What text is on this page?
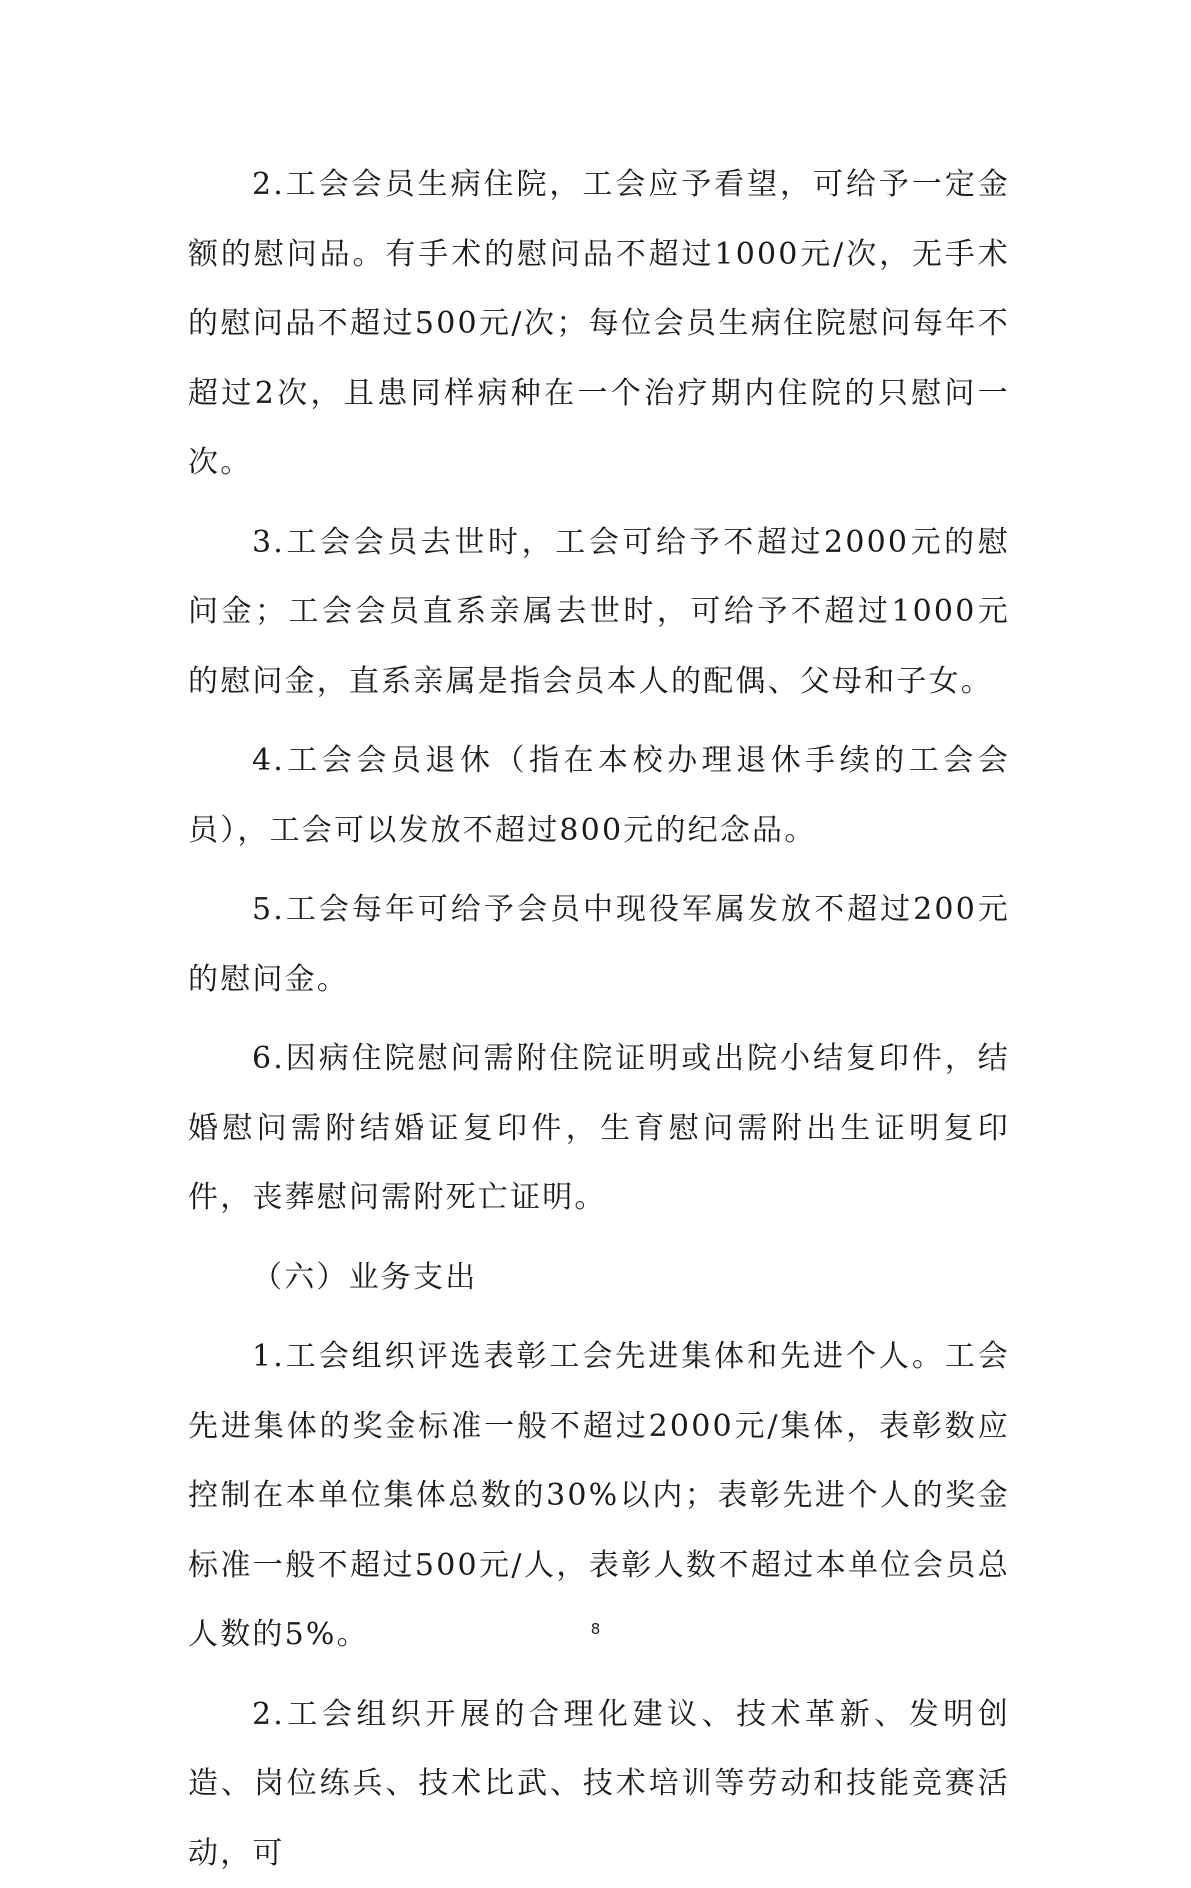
2.工会会员生病住院，工会应予看望，可给予一定金额的慰问品。有手术的慰问品不超过1000元/次，无手术的慰问品不超过500元/次；每位会员生病住院慰问每年不超过2次，且患同样病种在一个治疗期内住院的只慰问一次。

3.工会会员去世时，工会可给予不超过2000元的慰问金；工会会员直系亲属去世时，可给予不超过1000元的慰问金，直系亲属是指会员本人的配偶、父母和子女。

4.工会会员退休（指在本校办理退休手续的工会会员），工会可以发放不超过800元的纪念品。

5.工会每年可给予会员中现役军属发放不超过200元的慰问金。

6.因病住院慰问需附住院证明或出院小结复印件，结婚慰问需附结婚证复印件，生育慰问需附出生证明复印件，丧葬慰问需附死亡证明。

（六）业务支出

1.工会组织评选表彰工会先进集体和先进个人。工会先进集体的奖金标准一般不超过2000元/集体，表彰数应控制在本单位集体总数的30%以内；表彰先进个人的奖金标准一般不超过500元/人，表彰人数不超过本单位会员总人数的5%。

2.工会组织开展的合理化建议、技术革新、发明创造、岗位练兵、技术比武、技术培训等劳动和技能竞赛活动，可

8
